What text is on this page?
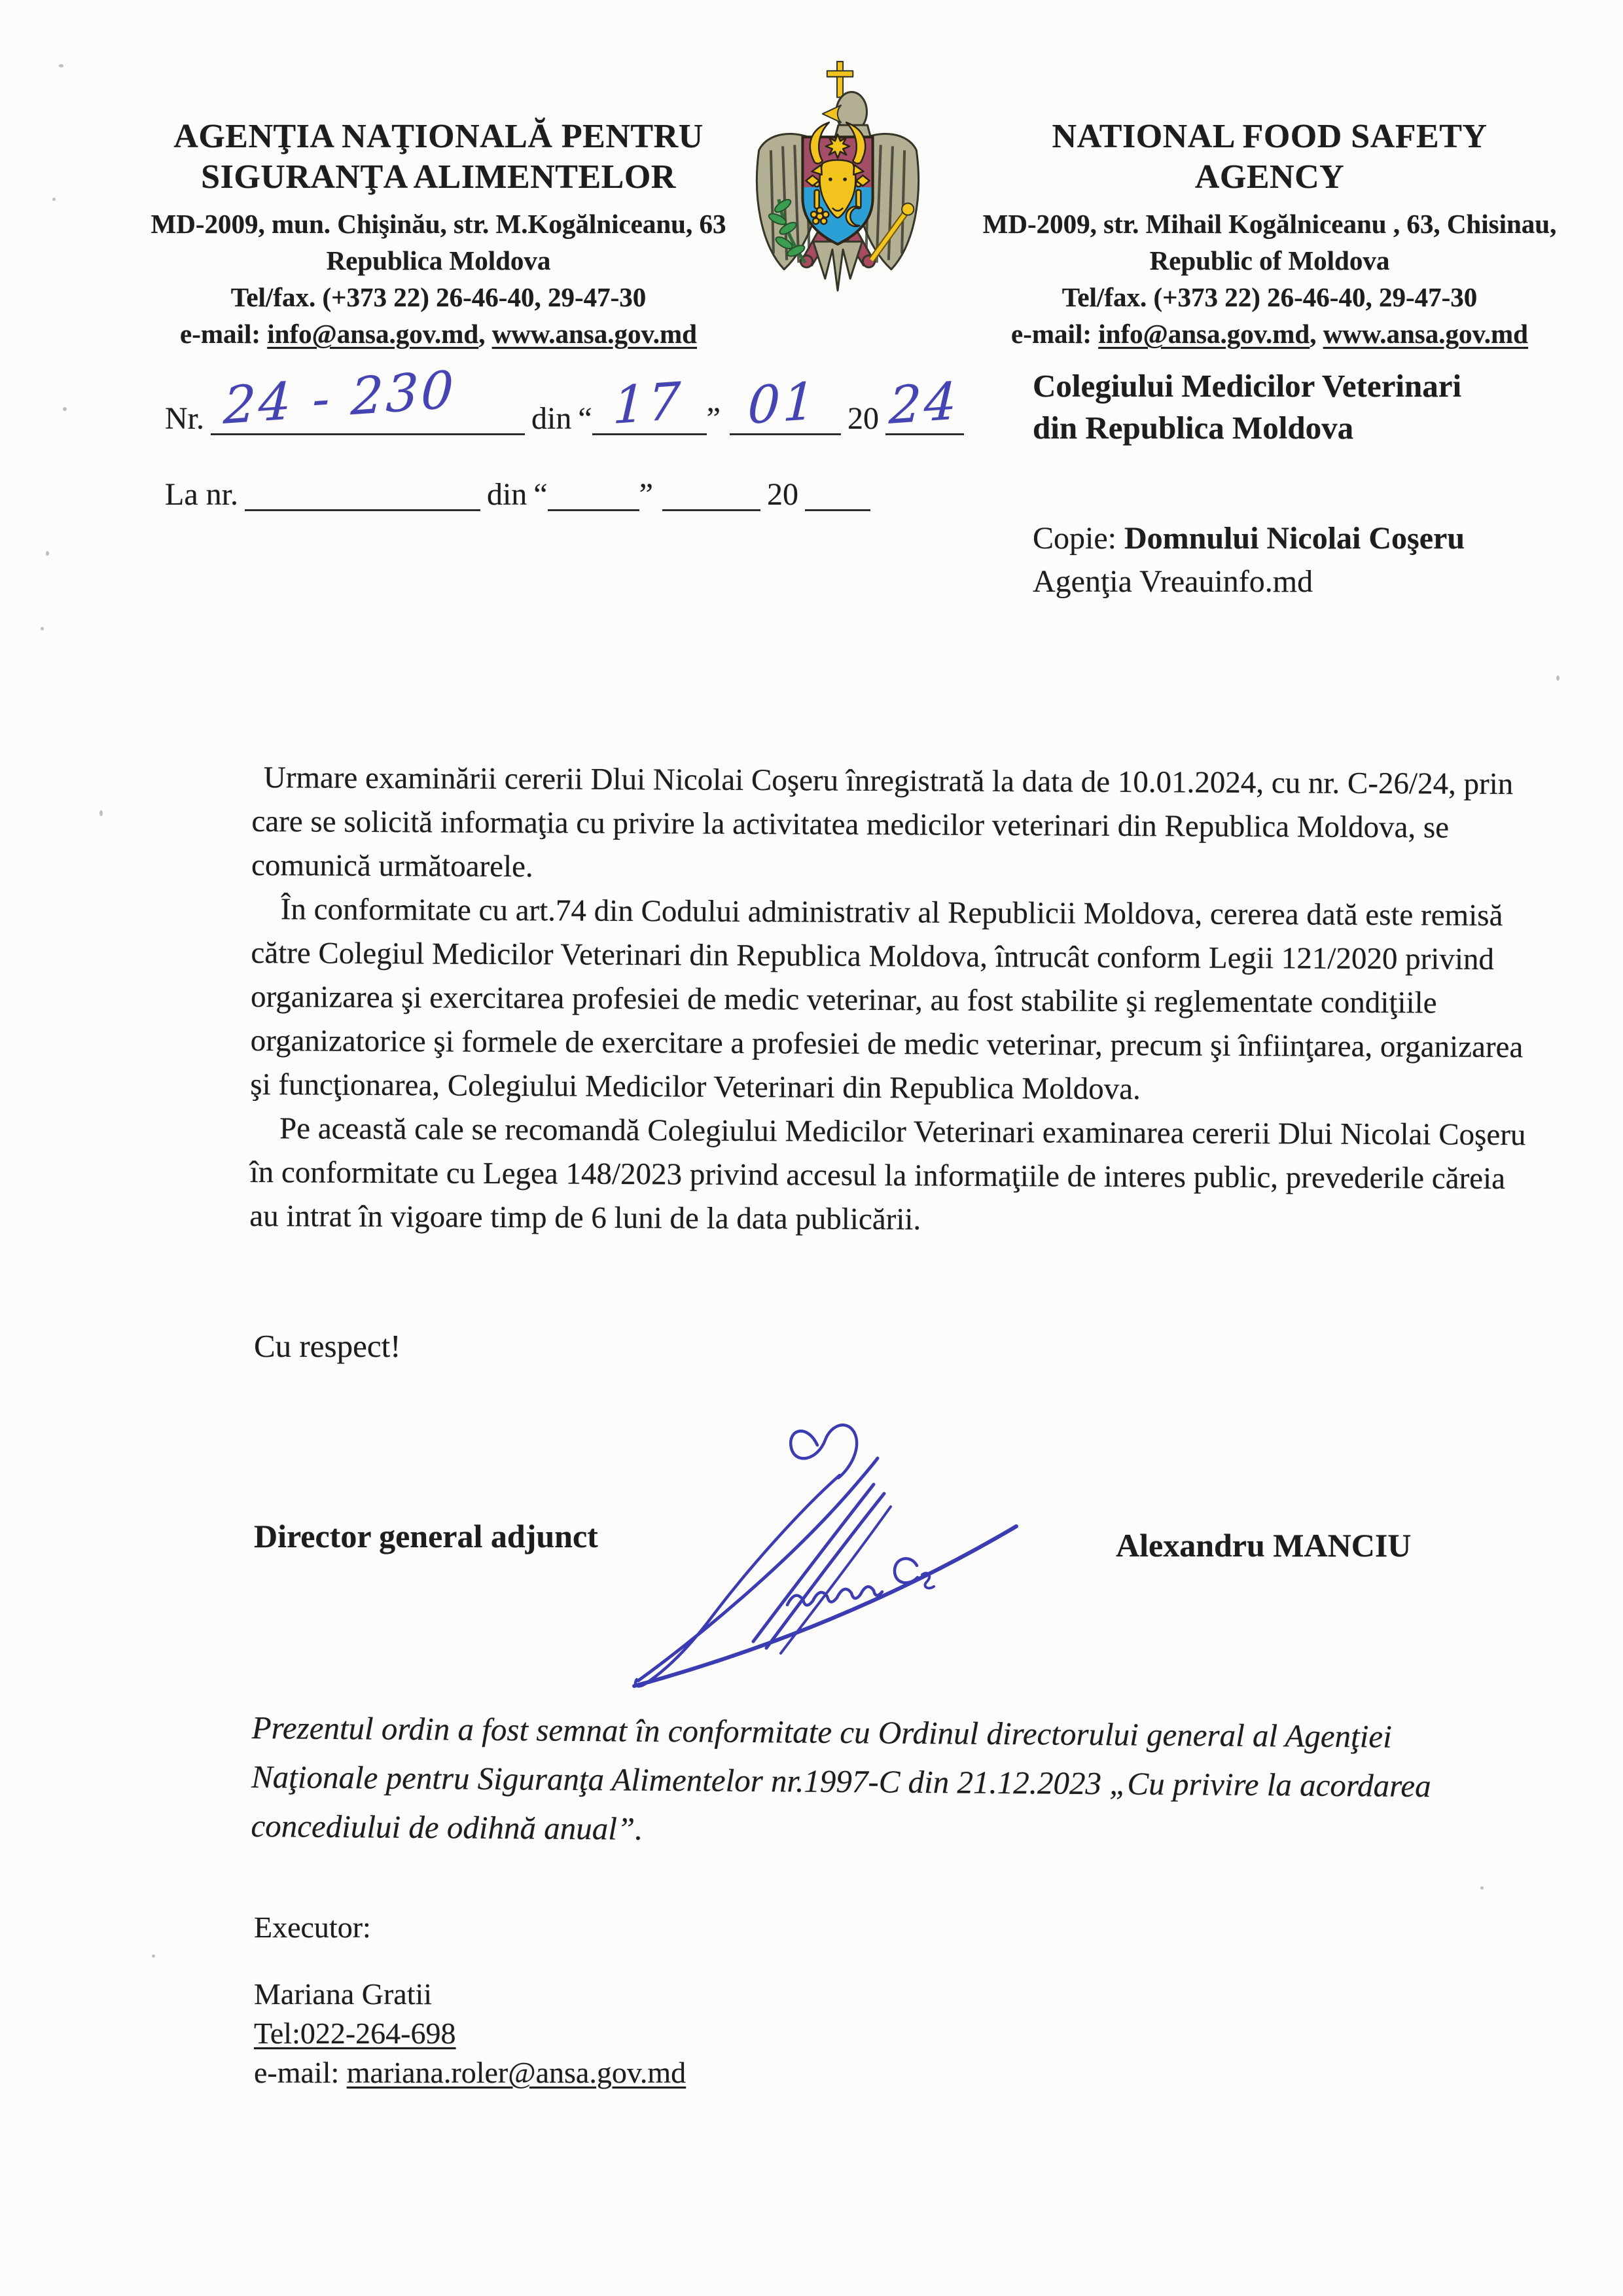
AGENŢIA NAŢIONALĂ PENTRU
SIGURANŢA ALIMENTELOR
MD-2009, mun. Chişinău, str. M.Kogălniceanu, 63
Republica Moldova
Tel/fax. (+373 22) 26-46-40, 29-47-30
e-mail: info@ansa.gov.md, www.ansa.gov.md
NATIONAL FOOD SAFETY
AGENCY
MD-2009, str. Mihail Kogălniceanu , 63, Chisinau,
Republic of Moldova
Tel/fax. (+373 22) 26-46-40, 29-47-30
e-mail: info@ansa.gov.md, www.ansa.gov.md
Nr. 24 - 230 din “ 17 ” 01 20 24
La nr.	din “	”	20
Colegiului Medicilor Veterinari
din Republica Moldova
Copie: Domnului Nicolai Coşeru
Agenţia Vreauinfo.md

Urmare examinării cererii Dlui Nicolai Coşeru înregistrată la data de 10.01.2024, cu nr. C-26/24, prin care se solicită informaţia cu privire la activitatea medicilor veterinari din Republica Moldova, se comunică următoarele.

În conformitate cu art.74 din Codului administrativ al Republicii Moldova, cererea dată este remisă către Colegiul Medicilor Veterinari din Republica Moldova, întrucât conform Legii 121/2020 privind organizarea şi exercitarea profesiei de medic veterinar, au fost stabilite şi reglementate condiţiile organizatorice şi formele de exercitare a profesiei de medic veterinar, precum şi înfiinţarea, organizarea şi funcţionarea, Colegiului Medicilor Veterinari din Republica Moldova.

Pe această cale se recomandă Colegiului Medicilor Veterinari examinarea cererii Dlui Nicolai Coşeru în conformitate cu Legea 148/2023 privind accesul la informaţiile de interes public, prevederile căreia au intrat în vigoare timp de 6 luni de la data publicării.

Cu respect!
Director general adjunct	Alexandru MANCIU
Prezentul ordin a fost semnat în conformitate cu Ordinul directorului general al Agenţiei Naţionale pentru Siguranţa Alimentelor nr.1997-C din 21.12.2023 „Cu privire la acordarea concediului de odihnă anual”.
Executor:
Mariana Gratii
Tel:022-264-698
e-mail: mariana.roler@ansa.gov.md
